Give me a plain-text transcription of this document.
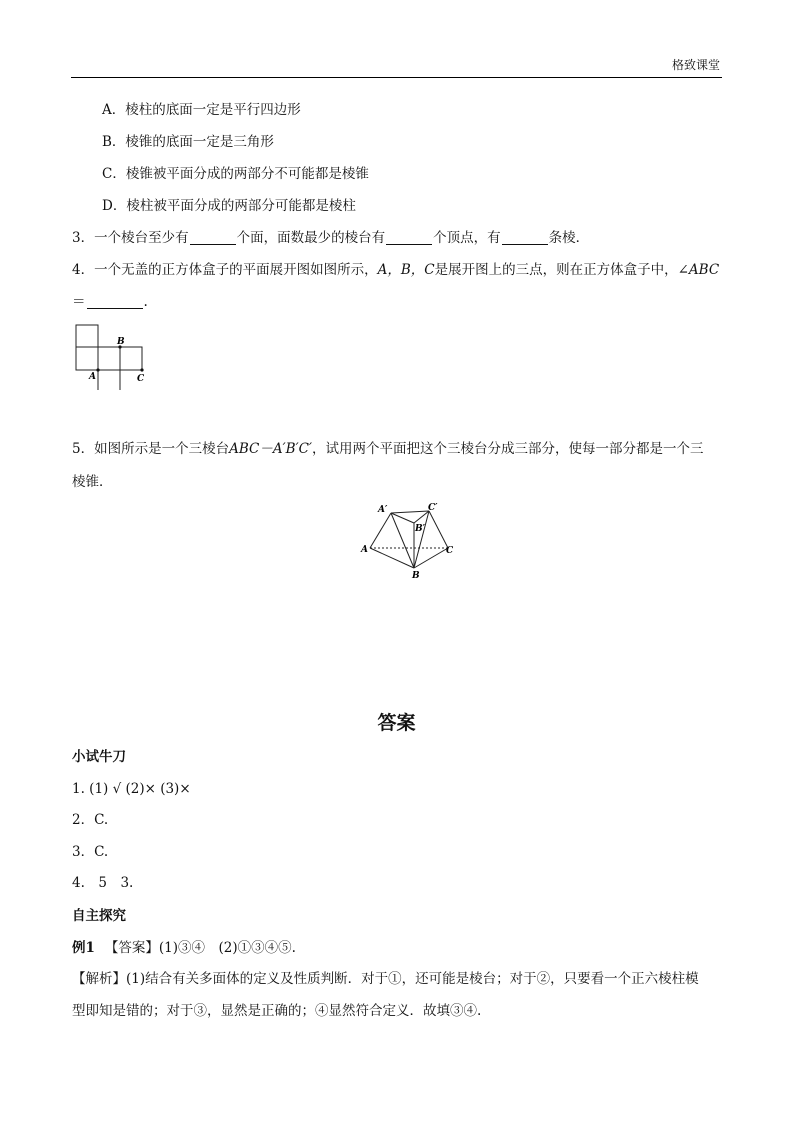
格致课堂
A．棱柱的底面一定是平行四边形
B．棱锥的底面一定是三角形
C．棱锥被平面分成的两部分不可能都是棱锥
D．棱柱被平面分成的两部分可能都是棱柱
3．一个棱台至少有	个面，面数最少的棱台有	个顶点，有	条棱．
4．一个无盖的正方体盒子的平面展开图如图所示，A，B，C是展开图上的三点，则在正方体盒子中，∠ABC
＝	.
B
A	C
5．如图所示是一个三棱台ABC－A′B′C′，试用两个平面把这个三棱台分成三部分，使每一部分都是一个三
棱锥．
A′	C′
B′
A
B
C
答案
小试牛刀
1. (1) √ (2)× (3)×
2．C.
3．C.
4.　5　3.
自主探究
例1 【答案】(1)③④　(2)①③④⑤.
【解析】(1)结合有关多面体的定义及性质判断．对于①，还可能是棱台；对于②，只要看一个正六棱柱模
型即知是错的；对于③，显然是正确的；④显然符合定义．故填③④.
